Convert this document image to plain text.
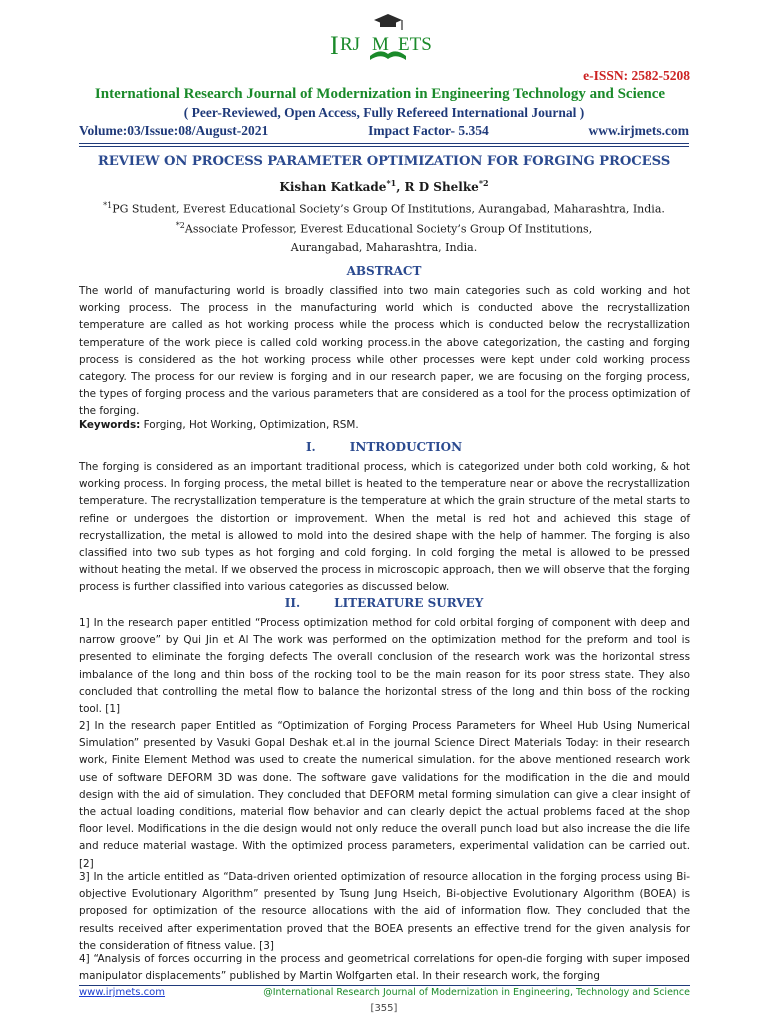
I RJ M ETS
e-ISSN: 2582-5208
International Research Journal of Modernization in Engineering Technology and Science
( Peer-Reviewed, Open Access, Fully Refereed International Journal )
Volume:03/Issue:08/August-2021	Impact Factor- 5.354	www.irjmets.com
REVIEW ON PROCESS PARAMETER OPTIMIZATION FOR FORGING PROCESS
Kishan Katkade$^{*1}$, R D Shelke$^{*2}$
$^{*1}$PG Student, Everest Educational Society’s Group Of Institutions, Aurangabad, Maharashtra, India.
$^{*2}$Associate Professor, Everest Educational Society’s Group Of Institutions,
Aurangabad, Maharashtra, India.
ABSTRACT
The world of manufacturing world is broadly classified into two main categories such as cold working and hot working process. The process in the manufacturing world which is conducted above the recrystallization temperature are called as hot working process while the process which is conducted below the recrystallization temperature of the work piece is called cold working process.in the above categorization, the casting and forging process is considered as the hot working process while other processes were kept under cold working process category. The process for our review is forging and in our research paper, we are focusing on the forging process, the types of forging process and the various parameters that are considered as a tool for the process optimization of the forging.
Keywords: Forging, Hot Working, Optimization, RSM.
I.	INTRODUCTION
The forging is considered as an important traditional process, which is categorized under both cold working, & hot working process. In forging process, the metal billet is heated to the temperature near or above the recrystallization temperature. The recrystallization temperature is the temperature at which the grain structure of the metal starts to refine or undergoes the distortion or improvement. When the metal is red hot and achieved this stage of recrystallization, the metal is allowed to mold into the desired shape with the help of hammer. The forging is also classified into two sub types as hot forging and cold forging. In cold forging the metal is allowed to be pressed without heating the metal. If we observed the process in microscopic approach, then we will observe that the forging process is further classified into various categories as discussed below.
II.	LITERATURE SURVEY
1] In the research paper entitled “Process optimization method for cold orbital forging of component with deep and narrow groove” by Qui Jin et Al The work was performed on the optimization method for the preform and tool is presented to eliminate the forging defects The overall conclusion of the research work was the horizontal stress imbalance of the long and thin boss of the rocking tool to be the main reason for its poor stress state. They also concluded that controlling the metal flow to balance the horizontal stress of the long and thin boss of the rocking tool. [1]
2] In the research paper Entitled as “Optimization of Forging Process Parameters for Wheel Hub Using Numerical Simulation” presented by Vasuki Gopal Deshak et.al in the journal Science Direct Materials Today: in their research work, Finite Element Method was used to create the numerical simulation. for the above mentioned research work use of software DEFORM 3D was done. The software gave validations for the modification in the die and mould design with the aid of simulation. They concluded that DEFORM metal forming simulation can give a clear insight of the actual loading conditions, material flow behavior and can clearly depict the actual problems faced at the shop floor level. Modifications in the die design would not only reduce the overall punch load but also increase the die life and reduce material wastage. With the optimized process parameters, experimental validation can be carried out. [2]
3] In the article entitled as “Data-driven oriented optimization of resource allocation in the forging process using Bi-objective Evolutionary Algorithm” presented by Tsung Jung Hseich, Bi-objective Evolutionary Algorithm (BOEA) is proposed for optimization of the resource allocations with the aid of information flow. They concluded that the results received after experimentation proved that the BOEA presents an effective trend for the given analysis for the consideration of fitness value. [3]
4] “Analysis of forces occurring in the process and geometrical correlations for open-die forging with super imposed manipulator displacements” published by Martin Wolfgarten etal. In their research work, the forging
www.irjmets.com	@International Research Journal of Modernization in Engineering, Technology and Science
[355]
